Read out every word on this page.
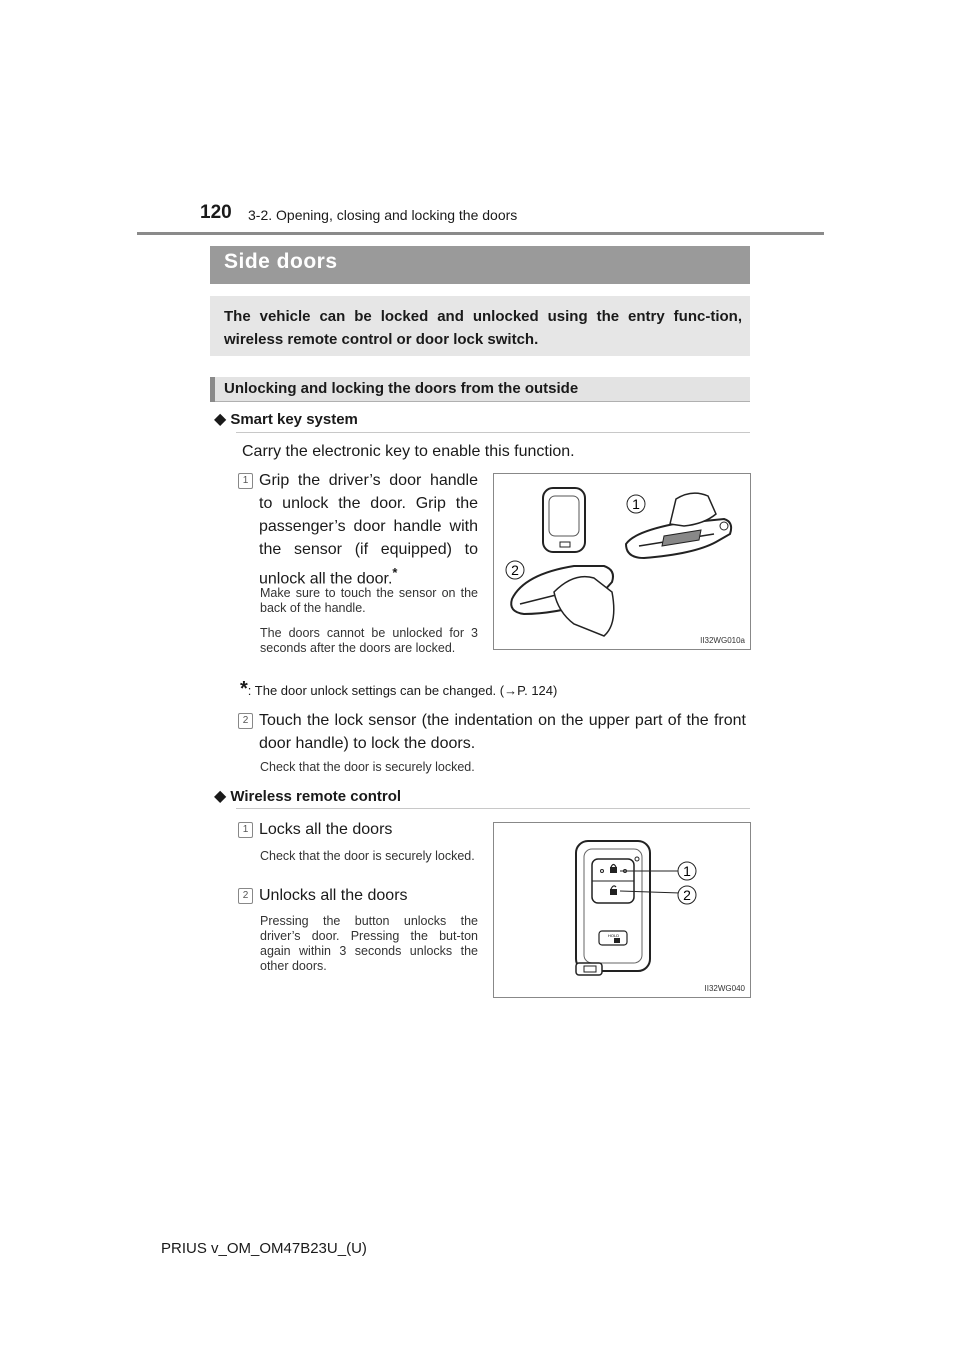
120 3-2. Opening, closing and locking the doors
Side doors
The vehicle can be locked and unlocked using the entry func-tion, wireless remote control or door lock switch.
Unlocking and locking the doors from the outside
◆ Smart key system
Carry the electronic key to enable this function.
1 Grip the driver’s door handle to unlock the door. Grip the passenger’s door handle with the sensor (if equipped) to unlock all the door.*
Make sure to touch the sensor on the back of the handle.
The doors cannot be unlocked for 3 seconds after the doors are locked.
1
2
II32WG010a
*: The door unlock settings can be changed. (→P. 124)
2 Touch the lock sensor (the indentation on the upper part of the front door handle) to lock the doors.
Check that the door is securely locked.
◆ Wireless remote control
1 Locks all the doors
Check that the door is securely locked.
2 Unlocks all the doors
Pressing the button unlocks the driver’s door. Pressing the but-ton again within 3 seconds unlocks the other doors.
HOLD
1
2
II32WG040
PRIUS v_OM_OM47B23U_(U)
